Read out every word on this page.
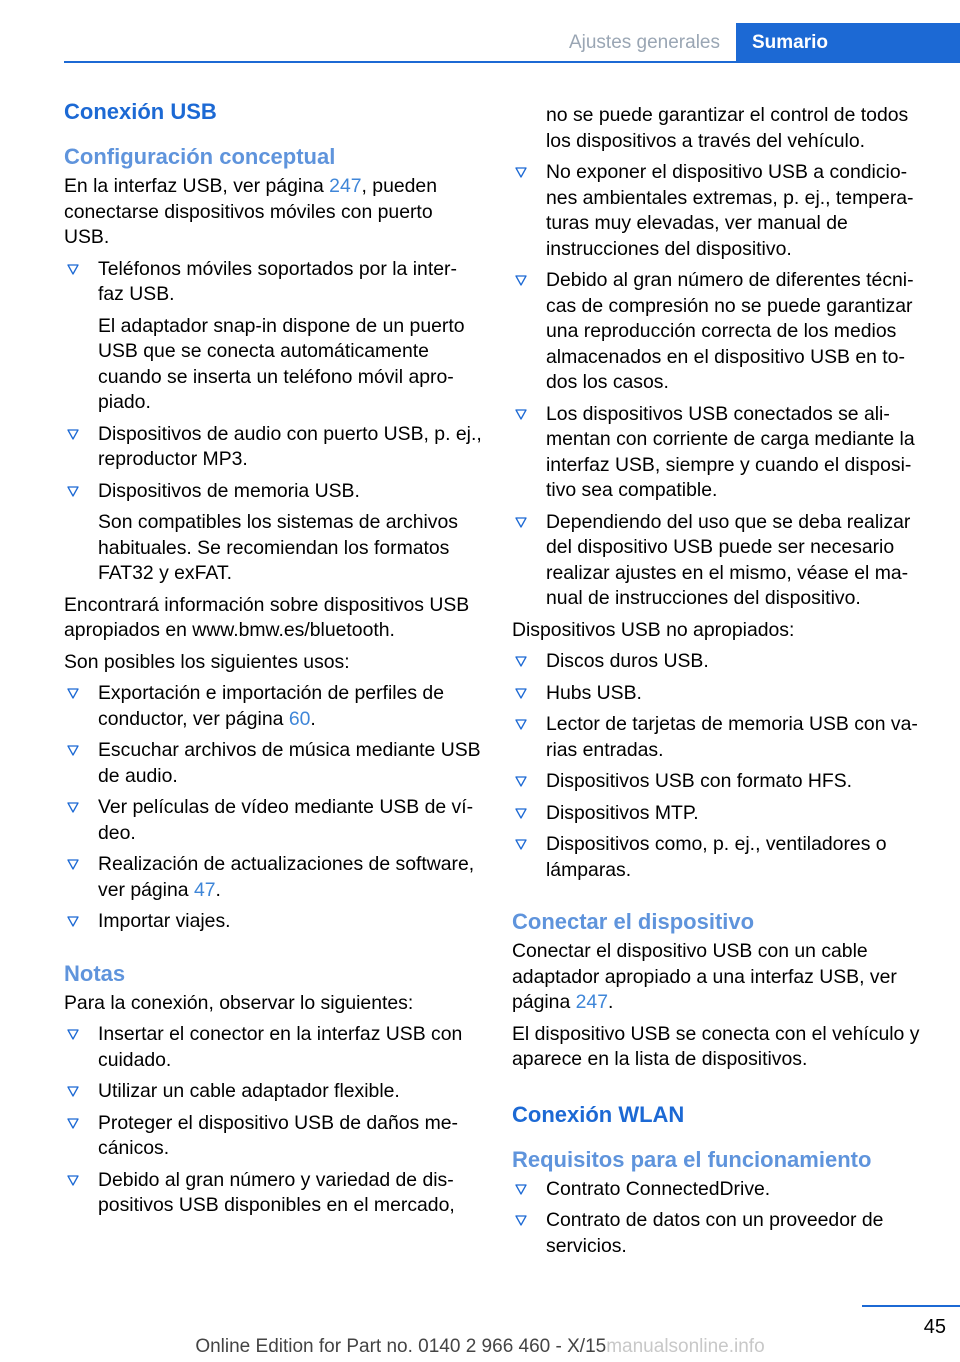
Ajustes generales	Sumario
Conexión USB
Configuración conceptual

En la interfaz USB, ver página 247, pueden conectarse dispositivos móviles con puerto USB.

Teléfonos móviles soportados por la inter‐faz USB.

El adaptador snap‑in dispone de un puerto USB que se conecta automáticamente cuando se inserta un teléfono móvil apro‐piado.

Dispositivos de audio con puerto USB, p. ej., reproductor MP3.
Dispositivos de memoria USB.

Son compatibles los sistemas de archivos habituales. Se recomiendan los formatos FAT32 y exFAT.

Encontrará información sobre dispositivos USB apropiados en www.bmw.es/bluetooth.

Son posibles los siguientes usos:

Exportación e importación de perfiles de conductor, ver página 60.
Escuchar archivos de música mediante USB de audio.
Ver películas de vídeo mediante USB de ví‐deo.
Realización de actualizaciones de software, ver página 47.
Importar viajes.
Notas

Para la conexión, observar lo siguientes:

Insertar el conector en la interfaz USB con cuidado.
Utilizar un cable adaptador flexible.
Proteger el dispositivo USB de daños me‐cánicos.
Debido al gran número y variedad de dis‐positivos USB disponibles en el mercado,
no se puede garantizar el control de todos los dispositivos a través del vehículo.
No exponer el dispositivo USB a condicio‐nes ambientales extremas, p. ej., tempera‐turas muy elevadas, ver manual de instrucciones del dispositivo.
Debido al gran número de diferentes técni‐cas de compresión no se puede garantizar una reproducción correcta de los medios almacenados en el dispositivo USB en to‐dos los casos.
Los dispositivos USB conectados se ali‐mentan con corriente de carga mediante la interfaz USB, siempre y cuando el disposi‐tivo sea compatible.
Dependiendo del uso que se deba realizar del dispositivo USB puede ser necesario realizar ajustes en el mismo, véase el ma‐nual de instrucciones del dispositivo.

Dispositivos USB no apropiados:

Discos duros USB.
Hubs USB.
Lector de tarjetas de memoria USB con va‐rias entradas.
Dispositivos USB con formato HFS.
Dispositivos MTP.
Dispositivos como, p. ej., ventiladores o lámparas.
Conectar el dispositivo

Conectar el dispositivo USB con un cable adaptador apropiado a una interfaz USB, ver página 247.

El dispositivo USB se conecta con el vehículo y aparece en la lista de dispositivos.

Conexión WLAN
Requisitos para el funcionamiento
Contrato ConnectedDrive.
Contrato de datos con un proveedor de servicios.
45
Online Edition for Part no. 0140 2 966 460 - X/15manualsonline.info
